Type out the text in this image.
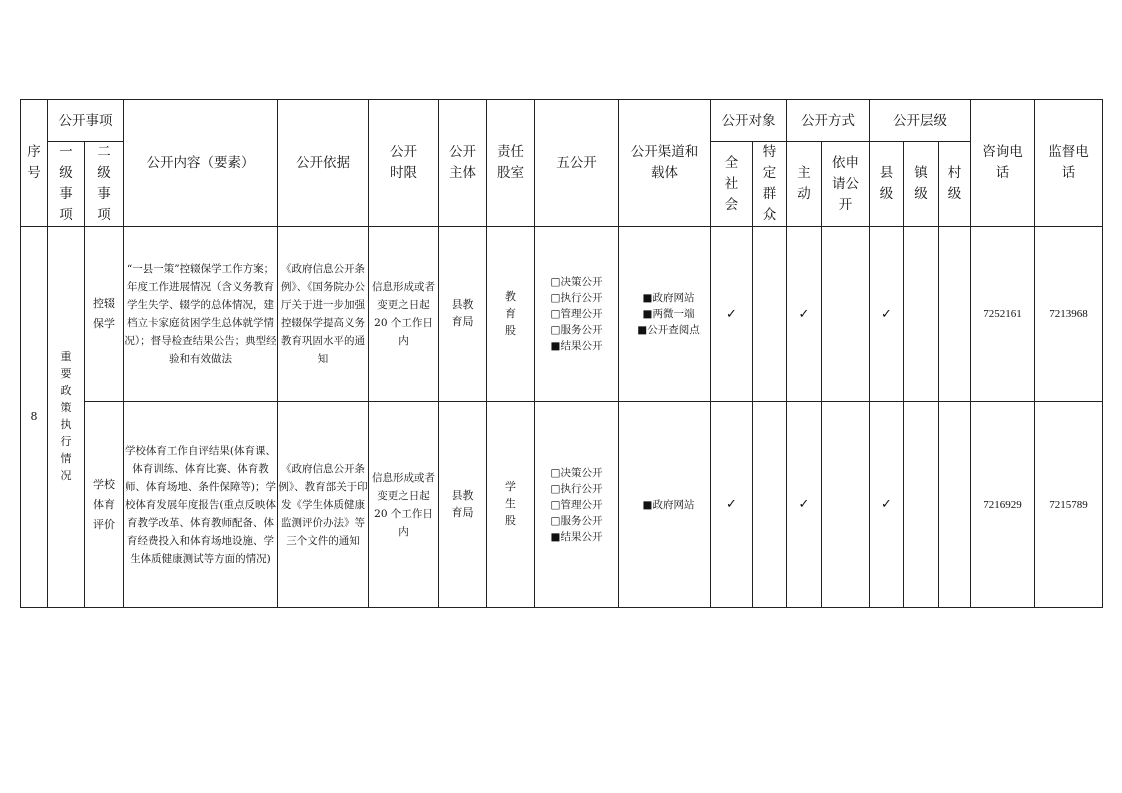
序号	公开事项		公开内容（要素）	公开依据	公开时限	公开主体	责任股室	五公开	公开渠道和载体	公开对象		公开方式		公开层级			咨询电话	监督电话
	一级事项	二级事项								全社会	特定群众	主动	依申请公开	县级	镇级	村级		
8	重要政策执行情况	控辍保学	“一县一策”控辍保学工作方案；年度工作进展情况（含义务教育学生失学、辍学的总体情况，建档立卡家庭贫困学生总体就学情况）；督导检查结果公告；典型经验和有效做法	《政府信息公开条例》、《国务院办公厅关于进一步加强控辍保学提高义务教育巩固水平的通知	信息形成或者变更之日起 20 个工作日内	县教育局	教育股	□决策公开
□执行公开
□管理公开
□服务公开
■结果公开	■政府网站
■两微一端
■公开查阅点	✓		✓		✓			7252161	7213968
		学校体育评价	学校体育工作自评结果(体育课、体育训练、体育比赛、体育教师、体育场地、条件保障等)；学校体育发展年度报告(重点反映体育教学改革、体育教师配备、体育经费投入和体育场地设施、学生体质健康测试等方面的情况)	《政府信息公开条例》、教育部关于印发《学生体质健康监测评价办法》等三个文件的通知	信息形成或者变更之日起 20 个工作日内	县教育局	学生股	□决策公开
□执行公开
□管理公开
□服务公开
■结果公开	■政府网站	✓		✓		✓			7216929	7215789
